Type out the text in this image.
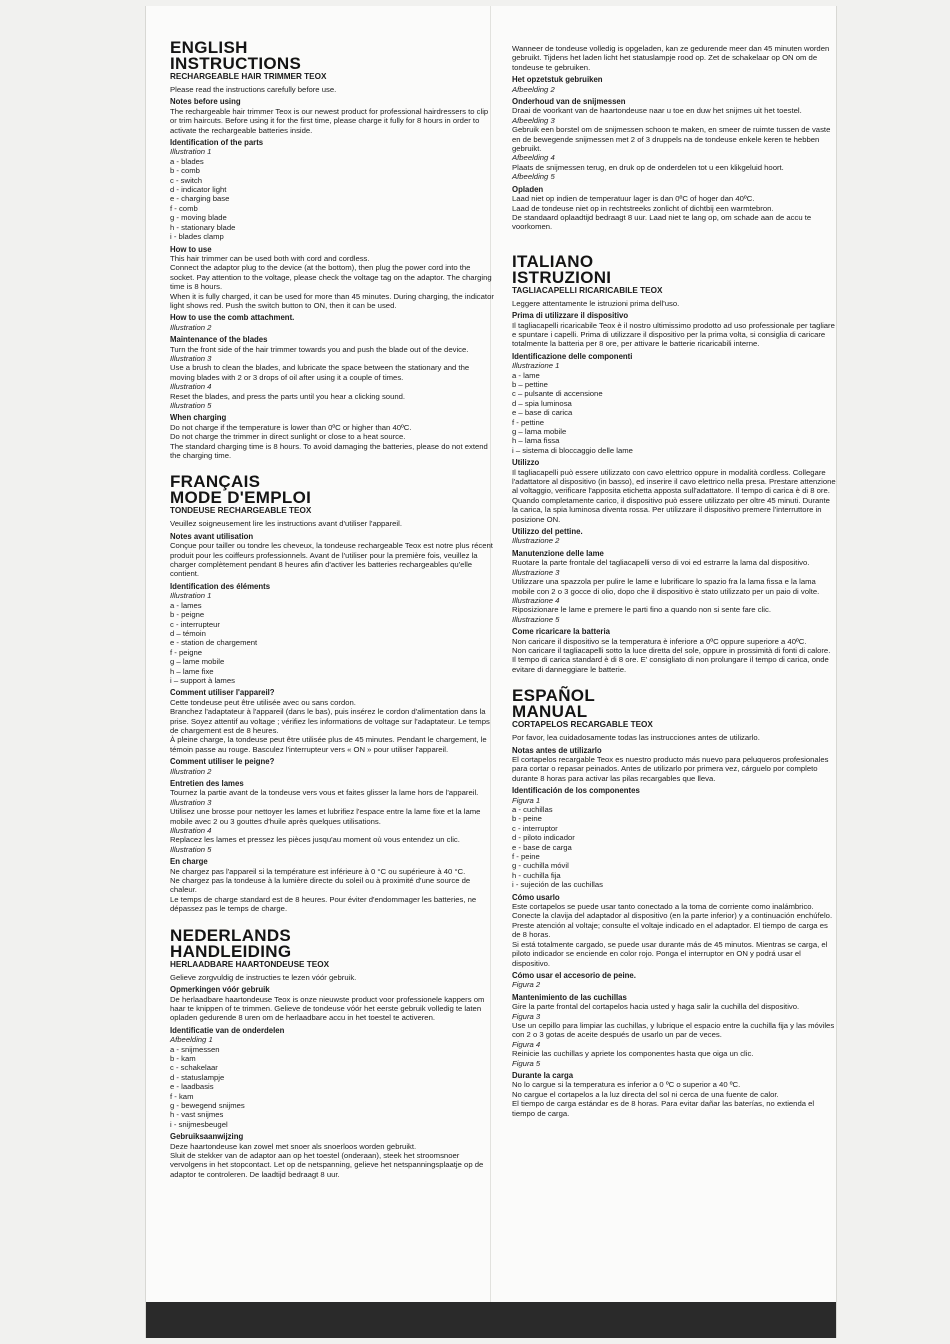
ENGLISH
INSTRUCTIONS
RECHARGEABLE HAIR TRIMMER TEOX

Please read the instructions carefully before use.

Notes before using

The rechargeable hair trimmer Teox is our newest product for professional hairdressers to clip or trim haircuts. Before using it for the first time, please charge it fully for 8 hours in order to activate the rechargeable batteries inside.

Identification of the parts
Illustration 1
a - blades
b - comb
c - switch
d - indicator light
e - charging base
f - comb
g - moving blade
h - stationary blade
i - blades clamp
How to use

This hair trimmer can be used both with cord and cordless.

Connect the adaptor plug to the device (at the bottom), then plug the power cord into the socket. Pay attention to the voltage, please check the voltage tag on the adaptor. The charging time is 8 hours.

When it is fully charged, it can be used for more than 45 minutes. During charging, the indicator light shows red. Push the switch button to ON, then it can be used.

How to use the comb attachment.
Illustration 2
Maintenance of the blades

Turn the front side of the hair trimmer towards you and push the blade out of the device.

Illustration 3

Use a brush to clean the blades, and lubricate the space between the stationary and the moving blades with 2 or 3 drops of oil after using it a couple of times.

Illustration 4

Reset the blades, and press the parts until you hear a clicking sound.

Illustration 5
When charging

Do not charge if the temperature is lower than 0ºC or higher than 40ºC.

Do not charge the trimmer in direct sunlight or close to a heat source.

The standard charging time is 8 hours. To avoid damaging the batteries, please do not extend the charging time.

FRANÇAIS
MODE D'EMPLOI
TONDEUSE RECHARGEABLE TEOX

Veuillez soigneusement lire les instructions avant d'utiliser l'appareil.

Notes avant utilisation

Conçue pour tailler ou tondre les cheveux, la tondeuse rechargeable Teox est notre plus récent produit pour les coiffeurs professionnels. Avant de l'utiliser pour la première fois, veuillez la charger complètement pendant 8 heures afin d'activer les batteries rechargeables qu'elle contient.

Identification des éléments
Illustration 1
a - lames
b - peigne
c - interrupteur
d – témoin
e - station de chargement
f - peigne
g – lame mobile
h – lame fixe
i – support à lames
Comment utiliser l'appareil?

Cette tondeuse peut être utilisée avec ou sans cordon.

Branchez l'adaptateur à l'appareil (dans le bas), puis insérez le cordon d'alimentation dans la prise. Soyez attentif au voltage ; vérifiez les informations de voltage sur l'adaptateur. Le temps de chargement est de 8 heures.

À pleine charge, la tondeuse peut être utilisée plus de 45 minutes. Pendant le chargement, le témoin passe au rouge. Basculez l'interrupteur vers « ON » pour utiliser l'appareil.

Comment utiliser le peigne?
Illustration 2
Entretien des lames

Tournez la partie avant de la tondeuse vers vous et faites glisser la lame hors de l'appareil.

Illustration 3

Utilisez une brosse pour nettoyer les lames et lubrifiez l'espace entre la lame fixe et la lame mobile avec 2 ou 3 gouttes d'huile après quelques utilisations.

Illustration 4

Replacez les lames et pressez les pièces jusqu'au moment où vous entendez un clic.

Illustration 5
En charge

Ne chargez pas l'appareil si la température est inférieure à 0 °C ou supérieure à 40 °C.

Ne chargez pas la tondeuse à la lumière directe du soleil ou à proximité d'une source de chaleur.

Le temps de charge standard est de 8 heures. Pour éviter d'endommager les batteries, ne dépassez pas le temps de charge.

NEDERLANDS
HANDLEIDING
HERLAADBARE HAARTONDEUSE TEOX

Gelieve zorgvuldig de instructies te lezen vóór gebruik.

Opmerkingen vóór gebruik

De herlaadbare haartondeuse Teox is onze nieuwste product voor professionele kappers om haar te knippen of te trimmen. Gelieve de tondeuse vóór het eerste gebruik volledig te laten opladen gedurende 8 uren om de herlaadbare accu in het toestel te activeren.

Identificatie van de onderdelen
Afbeelding 1
a - snijmessen
b - kam
c - schakelaar
d - statuslampje
e - laadbasis
f - kam
g - bewegend snijmes
h - vast snijmes
i - snijmesbeugel
Gebruiksaanwijzing

Deze haartondeuse kan zowel met snoer als snoerloos worden gebruikt.

Sluit de stekker van de adaptor aan op het toestel (onderaan), steek het stroomsnoer vervolgens in het stopcontact. Let op de netspanning, gelieve het netspanningsplaatje op de adaptor te controleren. De laadtijd bedraagt 8 uur.

Wanneer de tondeuse volledig is opgeladen, kan ze gedurende meer dan 45 minuten worden gebruikt. Tijdens het laden licht het statuslampje rood op. Zet de schakelaar op ON om de tondeuse te gebruiken.

Het opzetstuk gebruiken
Afbeelding 2
Onderhoud van de snijmessen

Draai de voorkant van de haartondeuse naar u toe en duw het snijmes uit het toestel.

Afbeelding 3

Gebruik een borstel om de snijmessen schoon te maken, en smeer de ruimte tussen de vaste en de bewegende snijmessen met 2 of 3 druppels na de tondeuse enkele keren te hebben gebruikt.

Afbeelding 4

Plaats de snijmessen terug, en druk op de onderdelen tot u een klikgeluid hoort.

Afbeelding 5
Opladen

Laad niet op indien de temperatuur lager is dan 0ºC of hoger dan 40ºC.

Laad de tondeuse niet op in rechtstreeks zonlicht of dichtbij een warmtebron.

De standaard oplaadtijd bedraagt 8 uur. Laad niet te lang op, om schade aan de accu te voorkomen.

ITALIANO
ISTRUZIONI
TAGLIACAPELLI RICARICABILE TEOX

Leggere attentamente le istruzioni prima dell'uso.

Prima di utilizzare il dispositivo

Il tagliacapelli ricaricabile Teox è il nostro ultimissimo prodotto ad uso professionale per tagliare e spuntare i capelli. Prima di utilizzare il dispositivo per la prima volta, si consiglia di caricare totalmente la batteria per 8 ore, per attivare le batterie ricaricabili interne.

Identificazione delle componenti
Illustrazione 1
a - lame
b – pettine
c – pulsante di accensione
d – spia luminosa
e – base di carica
f - pettine
g – lama mobile
h – lama fissa
i – sistema di bloccaggio delle lame
Utilizzo

Il tagliacapelli può essere utilizzato con cavo elettrico oppure in modalità cordless. Collegare l'adattatore al dispositivo (in basso), ed inserire il cavo elettrico nella presa. Prestare attenzione al voltaggio, verificare l'apposita etichetta apposta sull'adattatore. Il tempo di carica è di 8 ore.

Quando completamente carico, il dispositivo può essere utilizzato per oltre 45 minuti. Durante la carica, la spia luminosa diventa rossa. Per utilizzare il dispositivo premere l'interruttore in posizione ON.

Utilizzo del pettine.
Illustrazione 2
Manutenzione delle lame

Ruotare la parte frontale del tagliacapelli verso di voi ed estrarre la lama dal dispositivo.

Illustrazione 3

Utilizzare una spazzola per pulire le lame e lubrificare lo spazio fra la lama fissa e la lama mobile con 2 o 3 gocce di olio, dopo che il dispositivo è stato utilizzato per un paio di volte.

Illustrazione 4

Riposizionare le lame e premere le parti fino a quando non si sente fare clic.

Illustrazione 5
Come ricaricare la batteria

Non caricare il dispositivo se la temperatura è inferiore a 0ºC oppure superiore a 40ºC.

Non caricare il tagliacapelli sotto la luce diretta del sole, oppure in prossimità di fonti di calore.

Il tempo di carica standard è di 8 ore. E' consigliato di non prolungare il tempo di carica, onde evitare di danneggiare le batterie.

ESPAÑOL
MANUAL
CORTAPELOS RECARGABLE TEOX

Por favor, lea cuidadosamente todas las instrucciones antes de utilizarlo.

Notas antes de utilizarlo

El cortapelos recargable Teox es nuestro producto más nuevo para peluqueros profesionales para cortar o repasar peinados. Antes de utilizarlo por primera vez, cárguelo por completo durante 8 horas para activar las pilas recargables que lleva.

Identificación de los componentes
Figura 1
a - cuchillas
b - peine
c - interruptor
d - piloto indicador
e - base de carga
f - peine
g - cuchilla móvil
h - cuchilla fija
i - sujeción de las cuchillas
Cómo usarlo

Este cortapelos se puede usar tanto conectado a la toma de corriente como inalámbrico.

Conecte la clavija del adaptador al dispositivo (en la parte inferior) y a continuación enchúfelo. Preste atención al voltaje; consulte el voltaje indicado en el adaptador. El tiempo de carga es de 8 horas.

Si está totalmente cargado, se puede usar durante más de 45 minutos. Mientras se carga, el piloto indicador se enciende en color rojo. Ponga el interruptor en ON y podrá usar el dispositivo.

Cómo usar el accesorio de peine.
Figura 2
Mantenimiento de las cuchillas

Gire la parte frontal del cortapelos hacia usted y haga salir la cuchilla del dispositivo.

Figura 3

Use un cepillo para limpiar las cuchillas, y lubrique el espacio entre la cuchilla fija y las móviles con 2 o 3 gotas de aceite después de usarlo un par de veces.

Figura 4

Reinicie las cuchillas y apriete los componentes hasta que oiga un clic.

Figura 5
Durante la carga

No lo cargue si la temperatura es inferior a 0 ºC o superior a 40 ºC.

No cargue el cortapelos a la luz directa del sol ni cerca de una fuente de calor.

El tiempo de carga estándar es de 8 horas. Para evitar dañar las baterías, no extienda el tiempo de carga.
